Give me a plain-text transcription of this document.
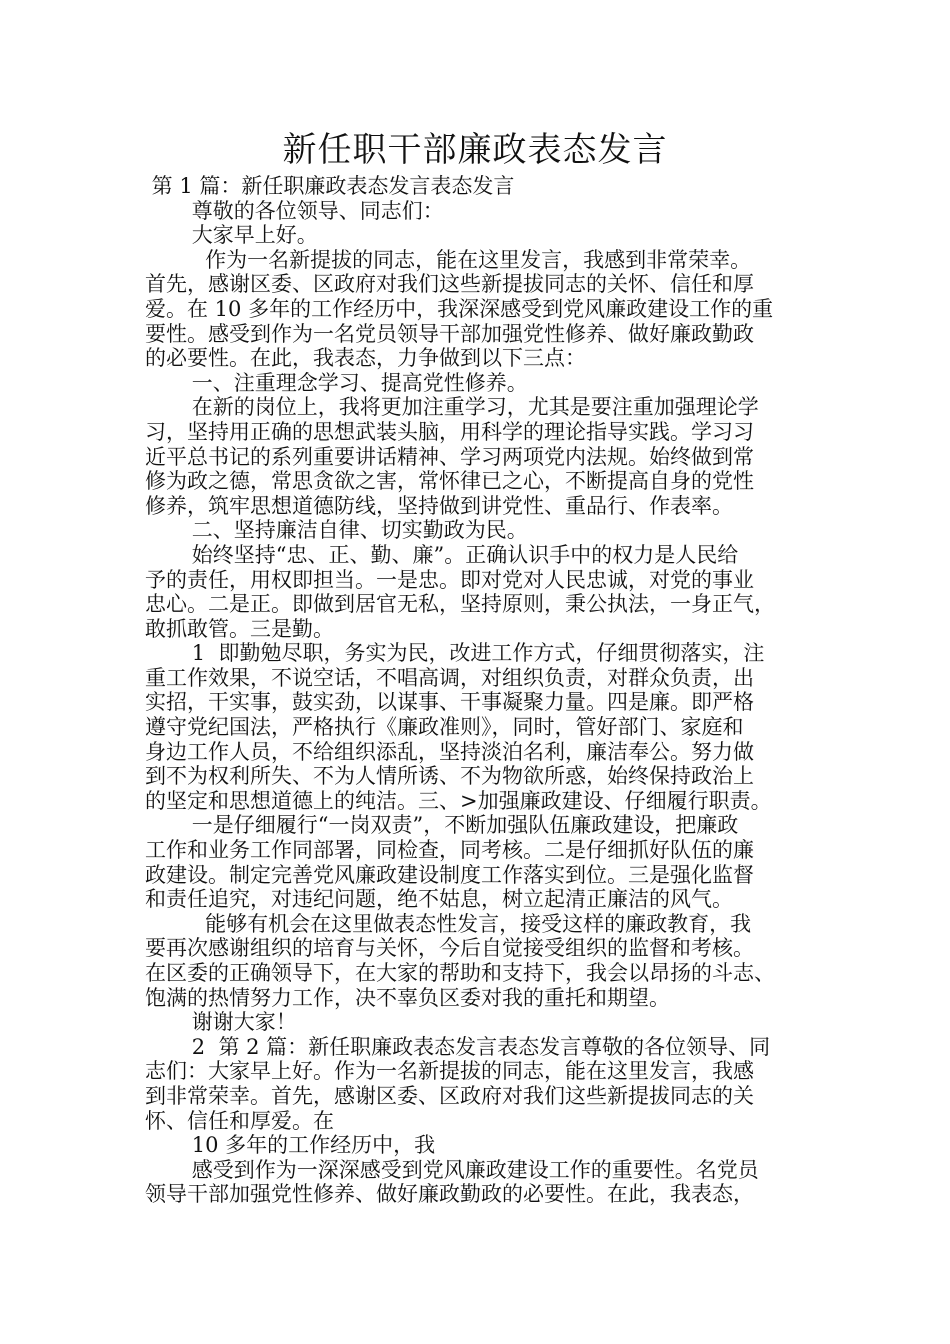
新任职干部廉政表态发言

第 1 篇：新任职廉政表态发言表态发言

尊敬的各位领导、同志们：

大家早上好。

作为一名新提拔的同志，能在这里发言，我感到非常荣幸。

首先，感谢区委、区政府对我们这些新提拔同志的关怀、信任和厚

爱。在 10 多年的工作经历中，我深深感受到党风廉政建设工作的重

要性。感受到作为一名党员领导干部加强党性修养、做好廉政勤政

的必要性。在此，我表态，力争做到以下三点：

一、注重理念学习、提高党性修养。

在新的岗位上，我将更加注重学习，尤其是要注重加强理论学

习，坚持用正确的思想武装头脑，用科学的理论指导实践。学习习

近平总书记的系列重要讲话精神、学习两项党内法规。始终做到常

修为政之德，常思贪欲之害，常怀律已之心，不断提高自身的党性

修养，筑牢思想道德防线，坚持做到讲党性、重品行、作表率。

二、坚持廉洁自律、切实勤政为民。

始终坚持“忠、正、勤、廉”。正确认识手中的权力是人民给

予的责任，用权即担当。一是忠。即对党对人民忠诚，对党的事业

忠心。二是正。即做到居官无私，坚持原则，秉公执法，一身正气，

敢抓敢管。三是勤。

1  即勤勉尽职，务实为民，改进工作方式，仔细贯彻落实，注

重工作效果，不说空话，不唱高调，对组织负责，对群众负责，出

实招，干实事，鼓实劲，以谋事、干事凝聚力量。四是廉。即严格

遵守党纪国法，严格执行《廉政准则》，同时，管好部门、家庭和

身边工作人员，不给组织添乱，坚持淡泊名利，廉洁奉公。努力做

到不为权利所失、不为人情所诱、不为物欲所惑，始终保持政治上

的坚定和思想道德上的纯洁。三、>加强廉政建设、仔细履行职责。

一是仔细履行“一岗双责”，不断加强队伍廉政建设，把廉政

工作和业务工作同部署，同检查，同考核。二是仔细抓好队伍的廉

政建设。制定完善党风廉政建设制度工作落实到位。三是强化监督

和责任追究，对违纪问题，绝不姑息，树立起清正廉洁的风气。

能够有机会在这里做表态性发言，接受这样的廉政教育，我

要再次感谢组织的培育与关怀，今后自觉接受组织的监督和考核。

在区委的正确领导下，在大家的帮助和支持下，我会以昂扬的斗志、

饱满的热情努力工作，决不辜负区委对我的重托和期望。

谢谢大家！

2  第 2 篇：新任职廉政表态发言表态发言尊敬的各位领导、同

志们：大家早上好。作为一名新提拔的同志，能在这里发言，我感

到非常荣幸。首先，感谢区委、区政府对我们这些新提拔同志的关

怀、信任和厚爱。在

10 多年的工作经历中，我

感受到作为一深深感受到党风廉政建设工作的重要性。名党员

领导干部加强党性修养、做好廉政勤政的必要性。在此，我表态，
